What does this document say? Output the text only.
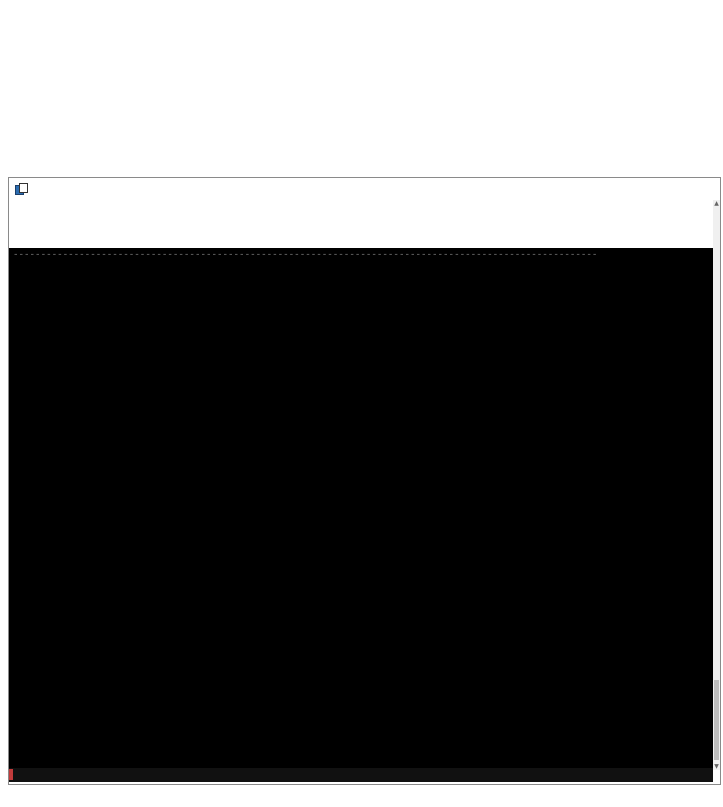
----------------------------------------------------------------------------------------------------------
▲
▼
